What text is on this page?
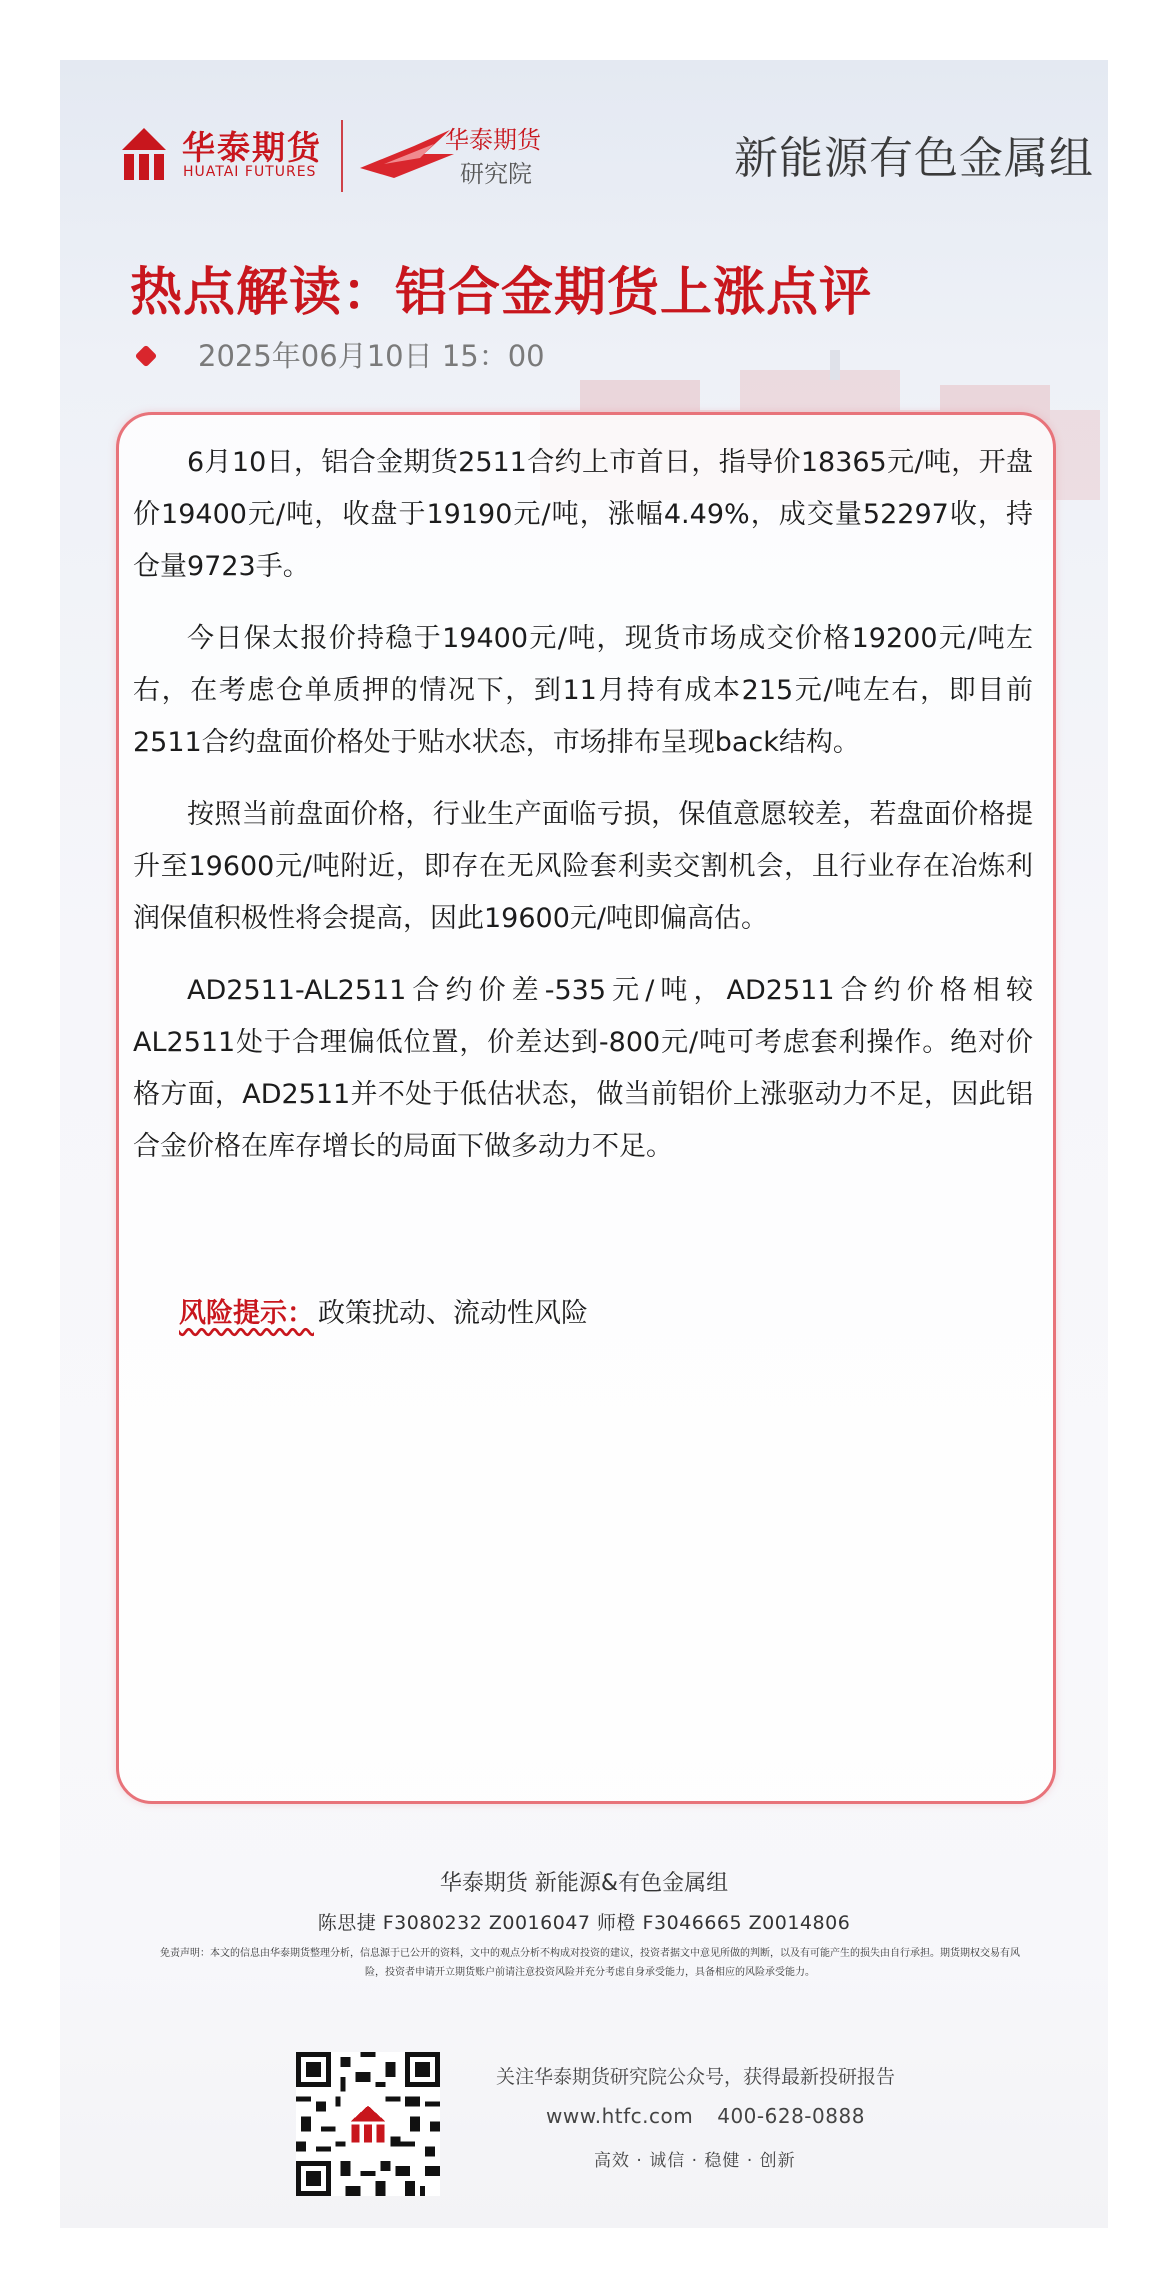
华泰期货
HUATAI FUTURES
华泰期货
研究院	新能源有色金属组
热点解读：铝合金期货上涨点评
2025年06月10日 15：00
6月10日，铝合金期货2511合约上市首日，指导价18365元/吨，开盘价19400元/吨，收盘于19190元/吨，涨幅4.49%，成交量52297收，持仓量9723手。
今日保太报价持稳于19400元/吨，现货市场成交价格19200元/吨左右，在考虑仓单质押的情况下，到11月持有成本215元/吨左右，即目前2511合约盘面价格处于贴水状态，市场排布呈现back结构。
按照当前盘面价格，行业生产面临亏损，保值意愿较差，若盘面价格提升至19600元/吨附近，即存在无风险套利卖交割机会，且行业存在冶炼利润保值积极性将会提高，因此19600元/吨即偏高估。
AD2511-AL2511合约价差-535元/吨，AD2511合约价格相较AL2511处于合理偏低位置，价差达到-800元/吨可考虑套利操作。绝对价格方面，AD2511并不处于低估状态，做当前铝价上涨驱动力不足，因此铝合金价格在库存增长的局面下做多动力不足。
风险提示： 政策扰动、流动性风险
华泰期货 新能源&有色金属组
陈思捷 F3080232 Z0016047 师橙 F3046665 Z0014806
免责声明：本文的信息由华泰期货整理分析，信息源于已公开的资料，文中的观点分析不构成对投资的建议，投资者据文中意见所做的判断，以及有可能产生的损失由自行承担。期货期权交易有风险，投资者申请开立期货账户前请注意投资风险并充分考虑自身承受能力，具备相应的风险承受能力。
关注华泰期货研究院公众号，获得最新投研报告
www.htfc.com 400-628-0888
高效 · 诚信 · 稳健 · 创新
